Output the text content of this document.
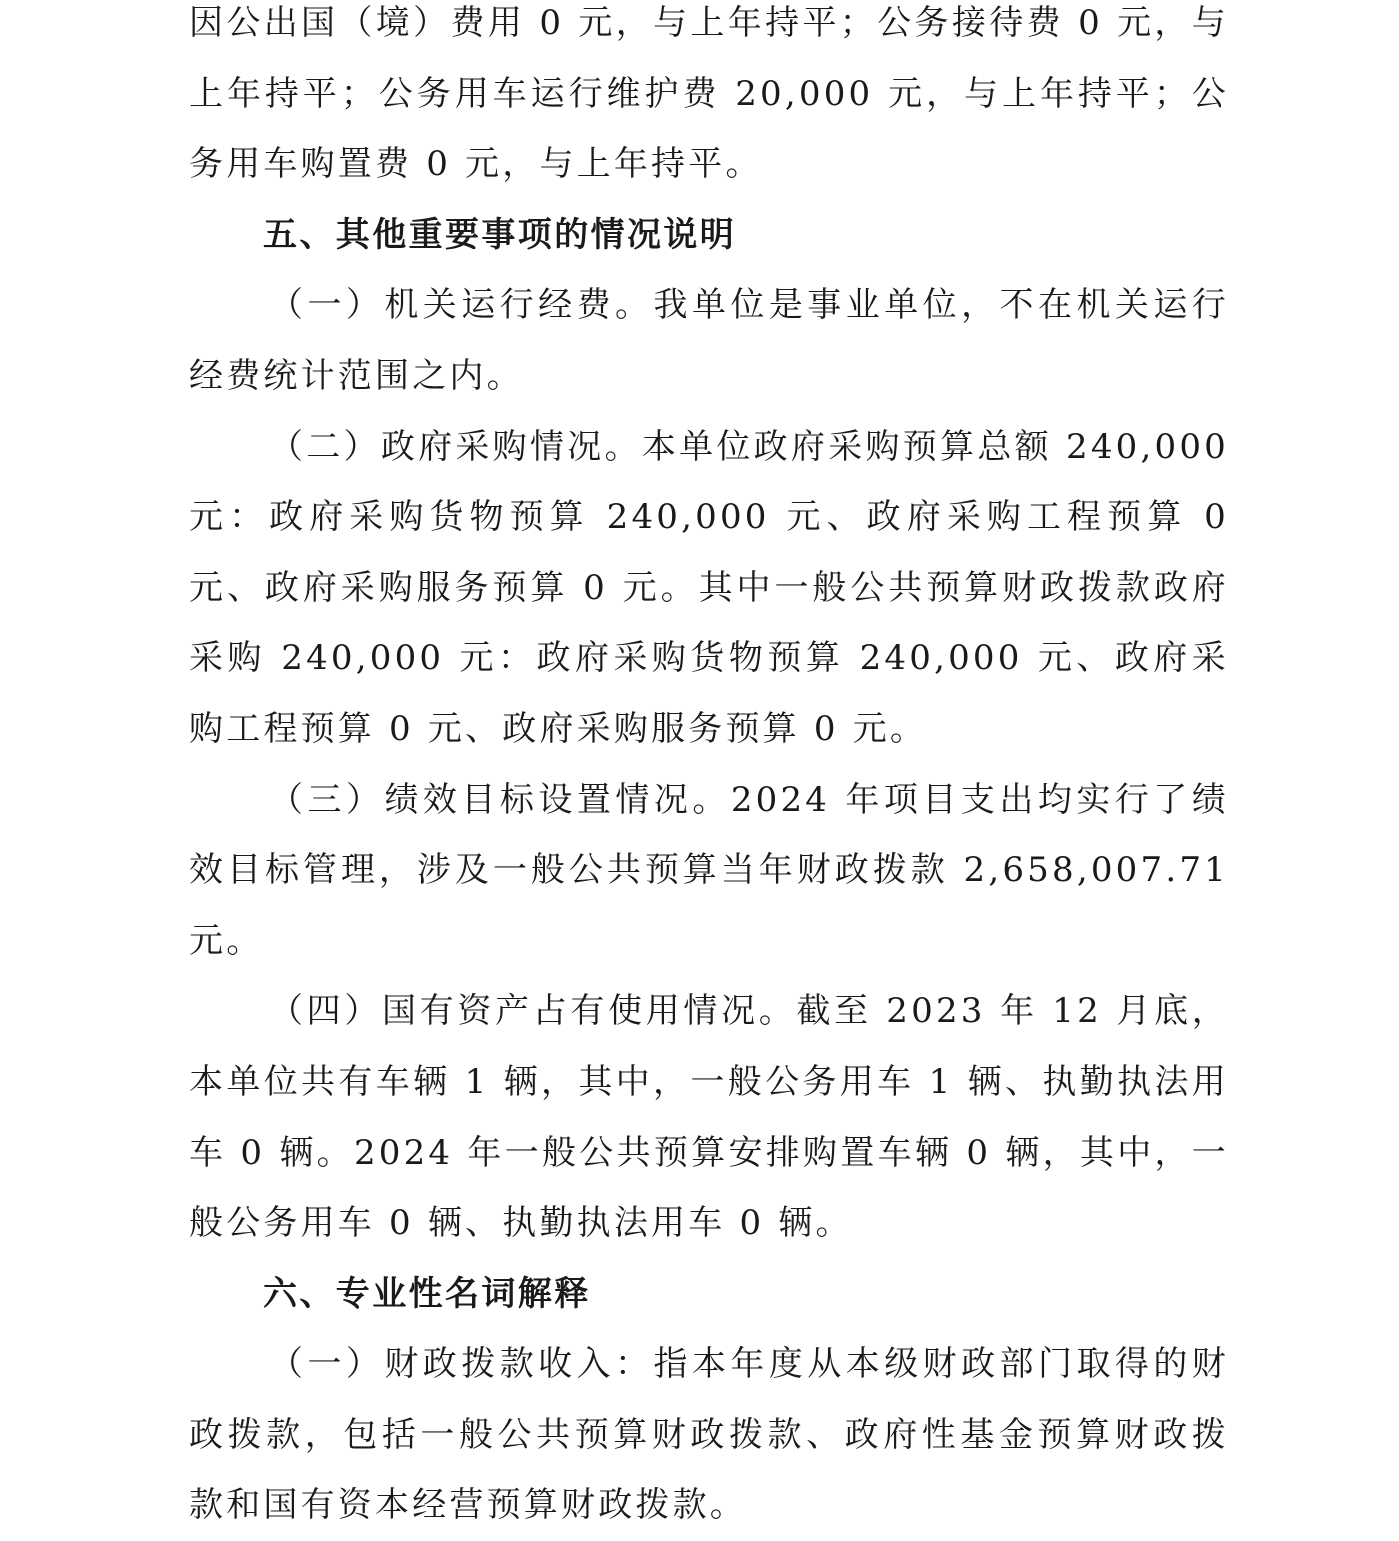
因公出国（境）费用 0 元，与上年持平；公务接待费 0 元，与上年持平；公务用车运行维护费 20,000 元，与上年持平；公务用车购置费 0 元，与上年持平。

五、其他重要事项的情况说明

（一）机关运行经费。我单位是事业单位，不在机关运行经费统计范围之内。

（二）政府采购情况。本单位政府采购预算总额 240,000 元：政府采购货物预算 240,000 元、政府采购工程预算 0 元、政府采购服务预算 0 元。其中一般公共预算财政拨款政府采购 240,000 元：政府采购货物预算 240,000 元、政府采购工程预算 0 元、政府采购服务预算 0 元。

（三）绩效目标设置情况。2024 年项目支出均实行了绩效目标管理，涉及一般公共预算当年财政拨款 2,658,007.71 元。

（四）国有资产占有使用情况。截至 2023 年 12 月底，本单位共有车辆 1 辆，其中，一般公务用车 1 辆、执勤执法用车 0 辆。2024 年一般公共预算安排购置车辆 0 辆，其中，一般公务用车 0 辆、执勤执法用车 0 辆。

六、专业性名词解释

（一）财政拨款收入：指本年度从本级财政部门取得的财政拨款，包括一般公共预算财政拨款、政府性基金预算财政拨款和国有资本经营预算财政拨款。
